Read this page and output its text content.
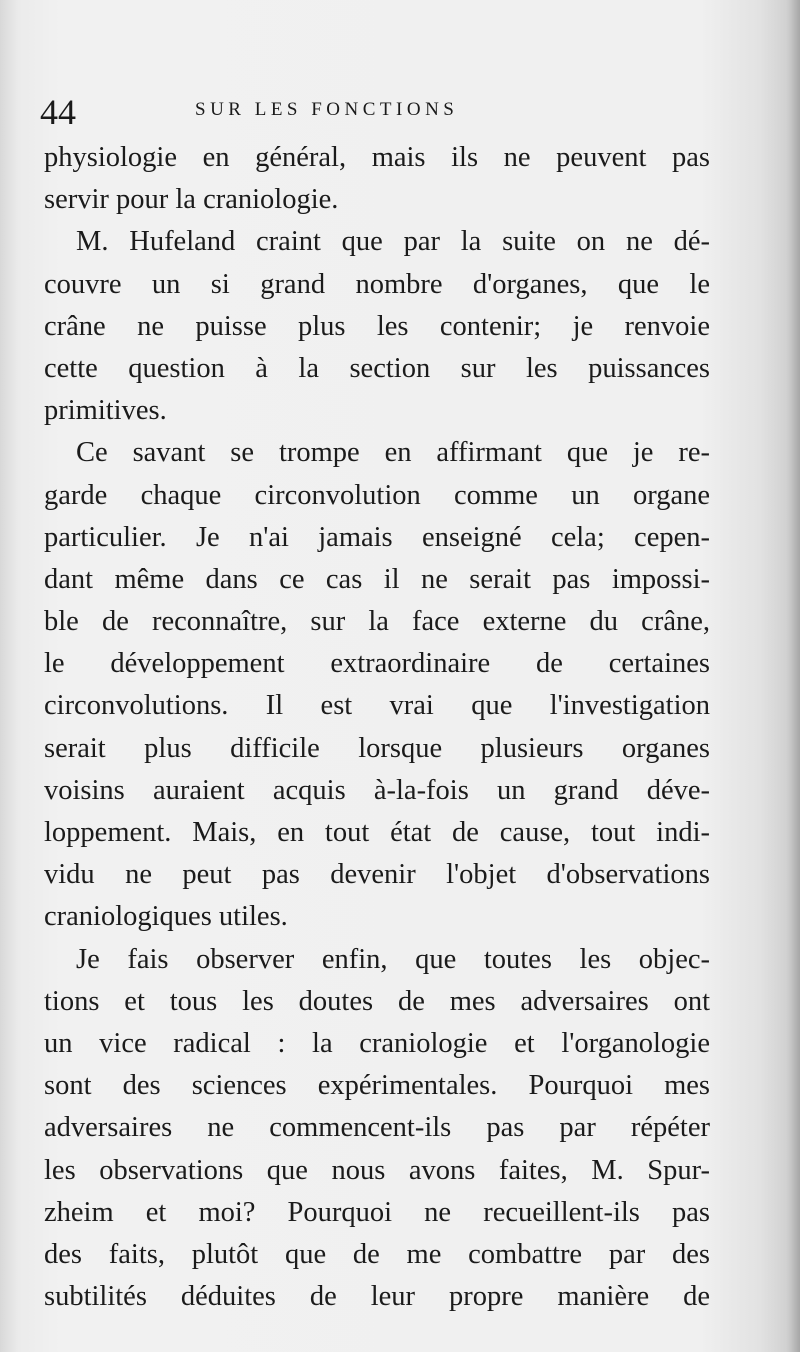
44	SUR LES FONCTIONS
physiologie en général, mais ils ne peuvent pas
servir pour la craniologie.
M. Hufeland craint que par la suite on ne dé-
couvre un si grand nombre d'organes, que le
crâne ne puisse plus les contenir; je renvoie
cette question à la section sur les puissances
primitives.
Ce savant se trompe en affirmant que je re-
garde chaque circonvolution comme un organe
particulier. Je n'ai jamais enseigné cela; cepen-
dant même dans ce cas il ne serait pas impossi-
ble de reconnaître, sur la face externe du crâne,
le développement extraordinaire de certaines
circonvolutions. Il est vrai que l'investigation
serait plus difficile lorsque plusieurs organes
voisins auraient acquis à-la-fois un grand déve-
loppement. Mais, en tout état de cause, tout indi-
vidu ne peut pas devenir l'objet d'observations
craniologiques utiles.
Je fais observer enfin, que toutes les objec-
tions et tous les doutes de mes adversaires ont
un vice radical : la craniologie et l'organologie
sont des sciences expérimentales. Pourquoi mes
adversaires ne commencent-ils pas par répéter
les observations que nous avons faites, M. Spur-
zheim et moi? Pourquoi ne recueillent-ils pas
des faits, plutôt que de me combattre par des
subtilités déduites de leur propre manière de
